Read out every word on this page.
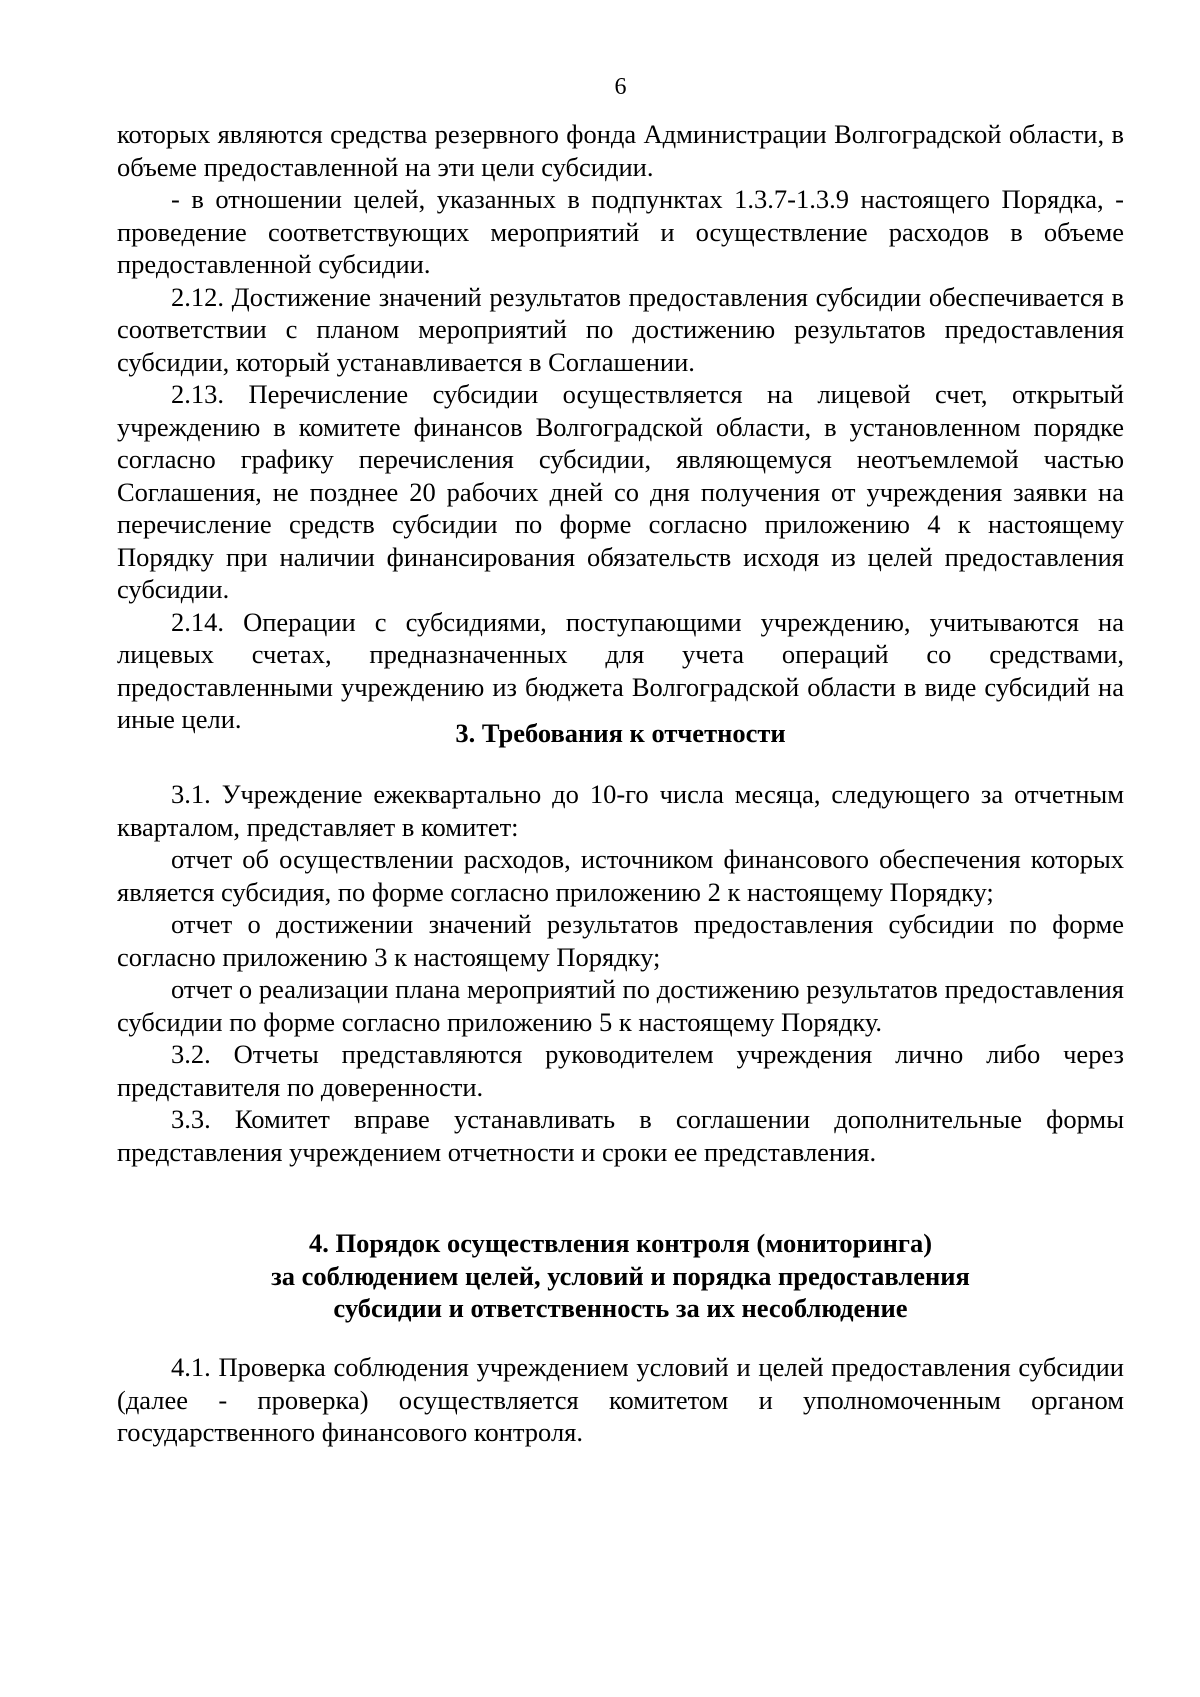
6

которых являются средства резервного фонда Администрации Волгоградской области, в объеме предоставленной на эти цели субсидии.

- в отношении целей, указанных в подпунктах 1.3.7-1.3.9 настоящего Порядка, - проведение соответствующих мероприятий и осуществление расходов в объеме предоставленной субсидии.

2.12. Достижение значений результатов предоставления субсидии обеспечивается в соответствии с планом мероприятий по достижению результатов предоставления субсидии, который устанавливается в Соглашении.

2.13. Перечисление субсидии осуществляется на лицевой счет, открытый учреждению в комитете финансов Волгоградской области, в установленном порядке согласно графику перечисления субсидии, являющемуся неотъемлемой частью Соглашения, не позднее 20 рабочих дней со дня получения от учреждения заявки на перечисление средств субсидии по форме согласно приложению 4 к настоящему Порядку при наличии финансирования обязательств исходя из целей предоставления субсидии.

2.14. Операции с субсидиями, поступающими учреждению, учитываются на лицевых счетах, предназначенных для учета операций со средствами, предоставленными учреждению из бюджета Волгоградской области в виде субсидий на иные цели.	3. Требования к отчетности

3.1. Учреждение ежеквартально до 10-го числа месяца, следующего за отчетным кварталом, представляет в комитет:

отчет об осуществлении расходов, источником финансового обеспечения которых является субсидия, по форме согласно приложению 2 к настоящему Порядку;

отчет о достижении значений результатов предоставления субсидии по форме согласно приложению 3 к настоящему Порядку;

отчет о реализации плана мероприятий по достижению результатов предоставления субсидии по форме согласно приложению 5 к настоящему Порядку.

3.2. Отчеты представляются руководителем учреждения лично либо через представителя по доверенности.

3.3. Комитет вправе устанавливать в соглашении дополнительные формы представления учреждением отчетности и сроки ее представления.

4. Порядок осуществления контроля (мониторинга)

за соблюдением целей, условий и порядка предоставления

субсидии и ответственность за их несоблюдение

4.1. Проверка соблюдения учреждением условий и целей предоставления субсидии (далее - проверка) осуществляется комитетом и уполномоченным органом государственного финансового контроля.
